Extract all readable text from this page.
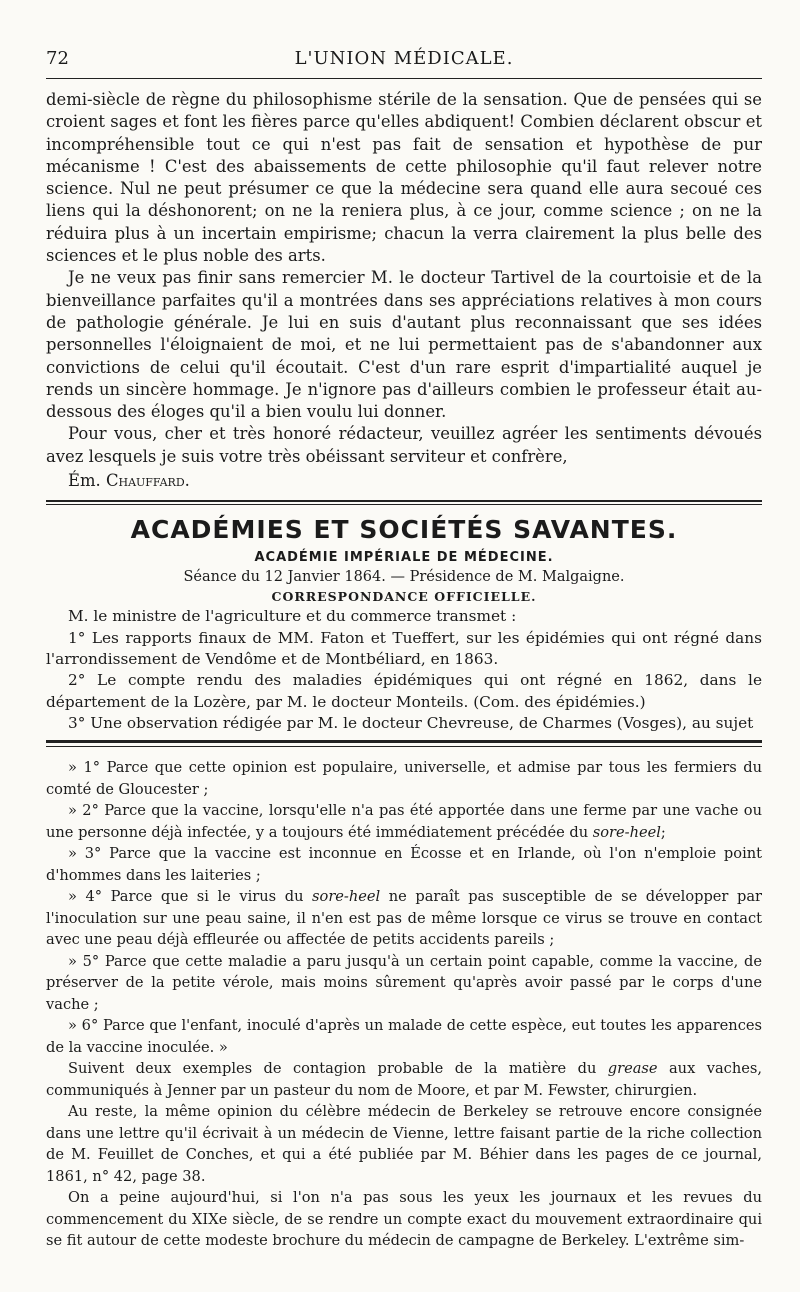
72	L'UNION MÉDICALE.

demi-siècle de règne du philosophisme stérile de la sensation. Que de pensées qui se croient sages et font les fières parce qu'elles abdiquent! Combien déclarent obscur et incompréhensible tout ce qui n'est pas fait de sensation et hypothèse de pur mécanisme ! C'est des abaissements de cette philosophie qu'il faut relever notre science. Nul ne peut présumer ce que la médecine sera quand elle aura secoué ces liens qui la déshonorent; on ne la reniera plus, à ce jour, comme science ; on ne la réduira plus à un incertain empirisme; chacun la verra clairement la plus belle des sciences et le plus noble des arts.

Je ne veux pas finir sans remercier M. le docteur Tartivel de la courtoisie et de la bienveillance parfaites qu'il a montrées dans ses appréciations relatives à mon cours de pathologie générale. Je lui en suis d'autant plus reconnaissant que ses idées personnelles l'éloignaient de moi, et ne lui permettaient pas de s'abandonner aux convictions de celui qu'il écoutait. C'est d'un rare esprit d'impartialité auquel je rends un sincère hommage. Je n'ignore pas d'ailleurs combien le professeur était au-dessous des éloges qu'il a bien voulu lui donner.

Pour vous, cher et très honoré rédacteur, veuillez agréer les sentiments dévoués avez lesquels je suis votre très obéissant serviteur et confrère,

Ém. Chauffard.

ACADÉMIES ET SOCIÉTÉS SAVANTES.
ACADÉMIE IMPÉRIALE DE MÉDECINE.
Séance du 12 Janvier 1864. — Présidence de M. Malgaigne.
CORRESPONDANCE OFFICIELLE.

M. le ministre de l'agriculture et du commerce transmet :

1° Les rapports finaux de MM. Faton et Tueffert, sur les épidémies qui ont régné dans l'arrondissement de Vendôme et de Montbéliard, en 1863.

2° Le compte rendu des maladies épidémiques qui ont régné en 1862, dans le département de la Lozère, par M. le docteur Monteils. (Com. des épidémies.)

3° Une observation rédigée par M. le docteur Chevreuse, de Charmes (Vosges), au sujet

» 1° Parce que cette opinion est populaire, universelle, et admise par tous les fermiers du comté de Gloucester ;

» 2° Parce que la vaccine, lorsqu'elle n'a pas été apportée dans une ferme par une vache ou une personne déjà infectée, y a toujours été immédiatement précédée du sore-heel;

» 3° Parce que la vaccine est inconnue en Écosse et en Irlande, où l'on n'emploie point d'hommes dans les laiteries ;

» 4° Parce que si le virus du sore-heel ne paraît pas susceptible de se développer par l'inoculation sur une peau saine, il n'en est pas de même lorsque ce virus se trouve en contact avec une peau déjà effleurée ou affectée de petits accidents pareils ;

» 5° Parce que cette maladie a paru jusqu'à un certain point capable, comme la vaccine, de préserver de la petite vérole, mais moins sûrement qu'après avoir passé par le corps d'une vache ;

» 6° Parce que l'enfant, inoculé d'après un malade de cette espèce, eut toutes les apparences de la vaccine inoculée. »

Suivent deux exemples de contagion probable de la matière du grease aux vaches, communiqués à Jenner par un pasteur du nom de Moore, et par M. Fewster, chirurgien.

Au reste, la même opinion du célèbre médecin de Berkeley se retrouve encore consignée dans une lettre qu'il écrivait à un médecin de Vienne, lettre faisant partie de la riche collection de M. Feuillet de Conches, et qui a été publiée par M. Béhier dans les pages de ce journal, 1861, n° 42, page 38.

On a peine aujourd'hui, si l'on n'a pas sous les yeux les journaux et les revues du commencement du XIXe siècle, de se rendre un compte exact du mouvement extraordinaire qui se fit autour de cette modeste brochure du médecin de campagne de Berkeley. L'extrême sim-
